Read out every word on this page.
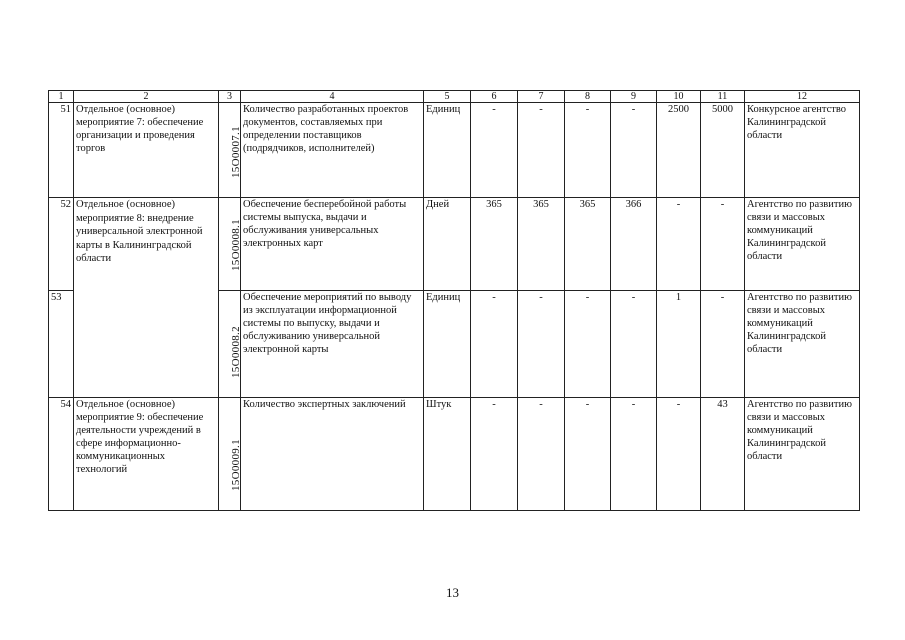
1	2	3	4	5	6	7	8	9	10	11	12
51	Отдельное (основное) мероприятие 7: обеспечение организации и проведения торгов	15О0007.1	Количество разработанных проектов документов, составляемых при определении поставщиков (подрядчиков, исполнителей)	Единиц	-	-	-	-	2500	5000	Конкурсное агентство Калининградской области
52	Отдельное (основное) мероприятие 8: внедрение универсальной электронной карты в Калининградской области	15О0008.1	Обеспечение бесперебойной работы системы выпуска, выдачи и обслуживания универсальных электронных карт	Дней	365	365	365	366	-	-	Агентство по развитию связи и массовых коммуникаций Калининградской области
53		15О0008.2	Обеспечение мероприятий по выводу из эксплуатации информационной системы по выпуску, выдачи и обслуживанию универсальной электронной карты	Единиц	-	-	-	-	1	-	Агентство по развитию связи и массовых коммуникаций Калининградской области
54	Отдельное (основное) мероприятие 9: обеспечение деятельности учреждений в сфере информационно-коммуникационных технологий	15О0009.1	Количество экспертных заключений	Штук	-	-	-	-	-	43	Агентство по развитию связи и массовых коммуникаций Калининградской области
13
